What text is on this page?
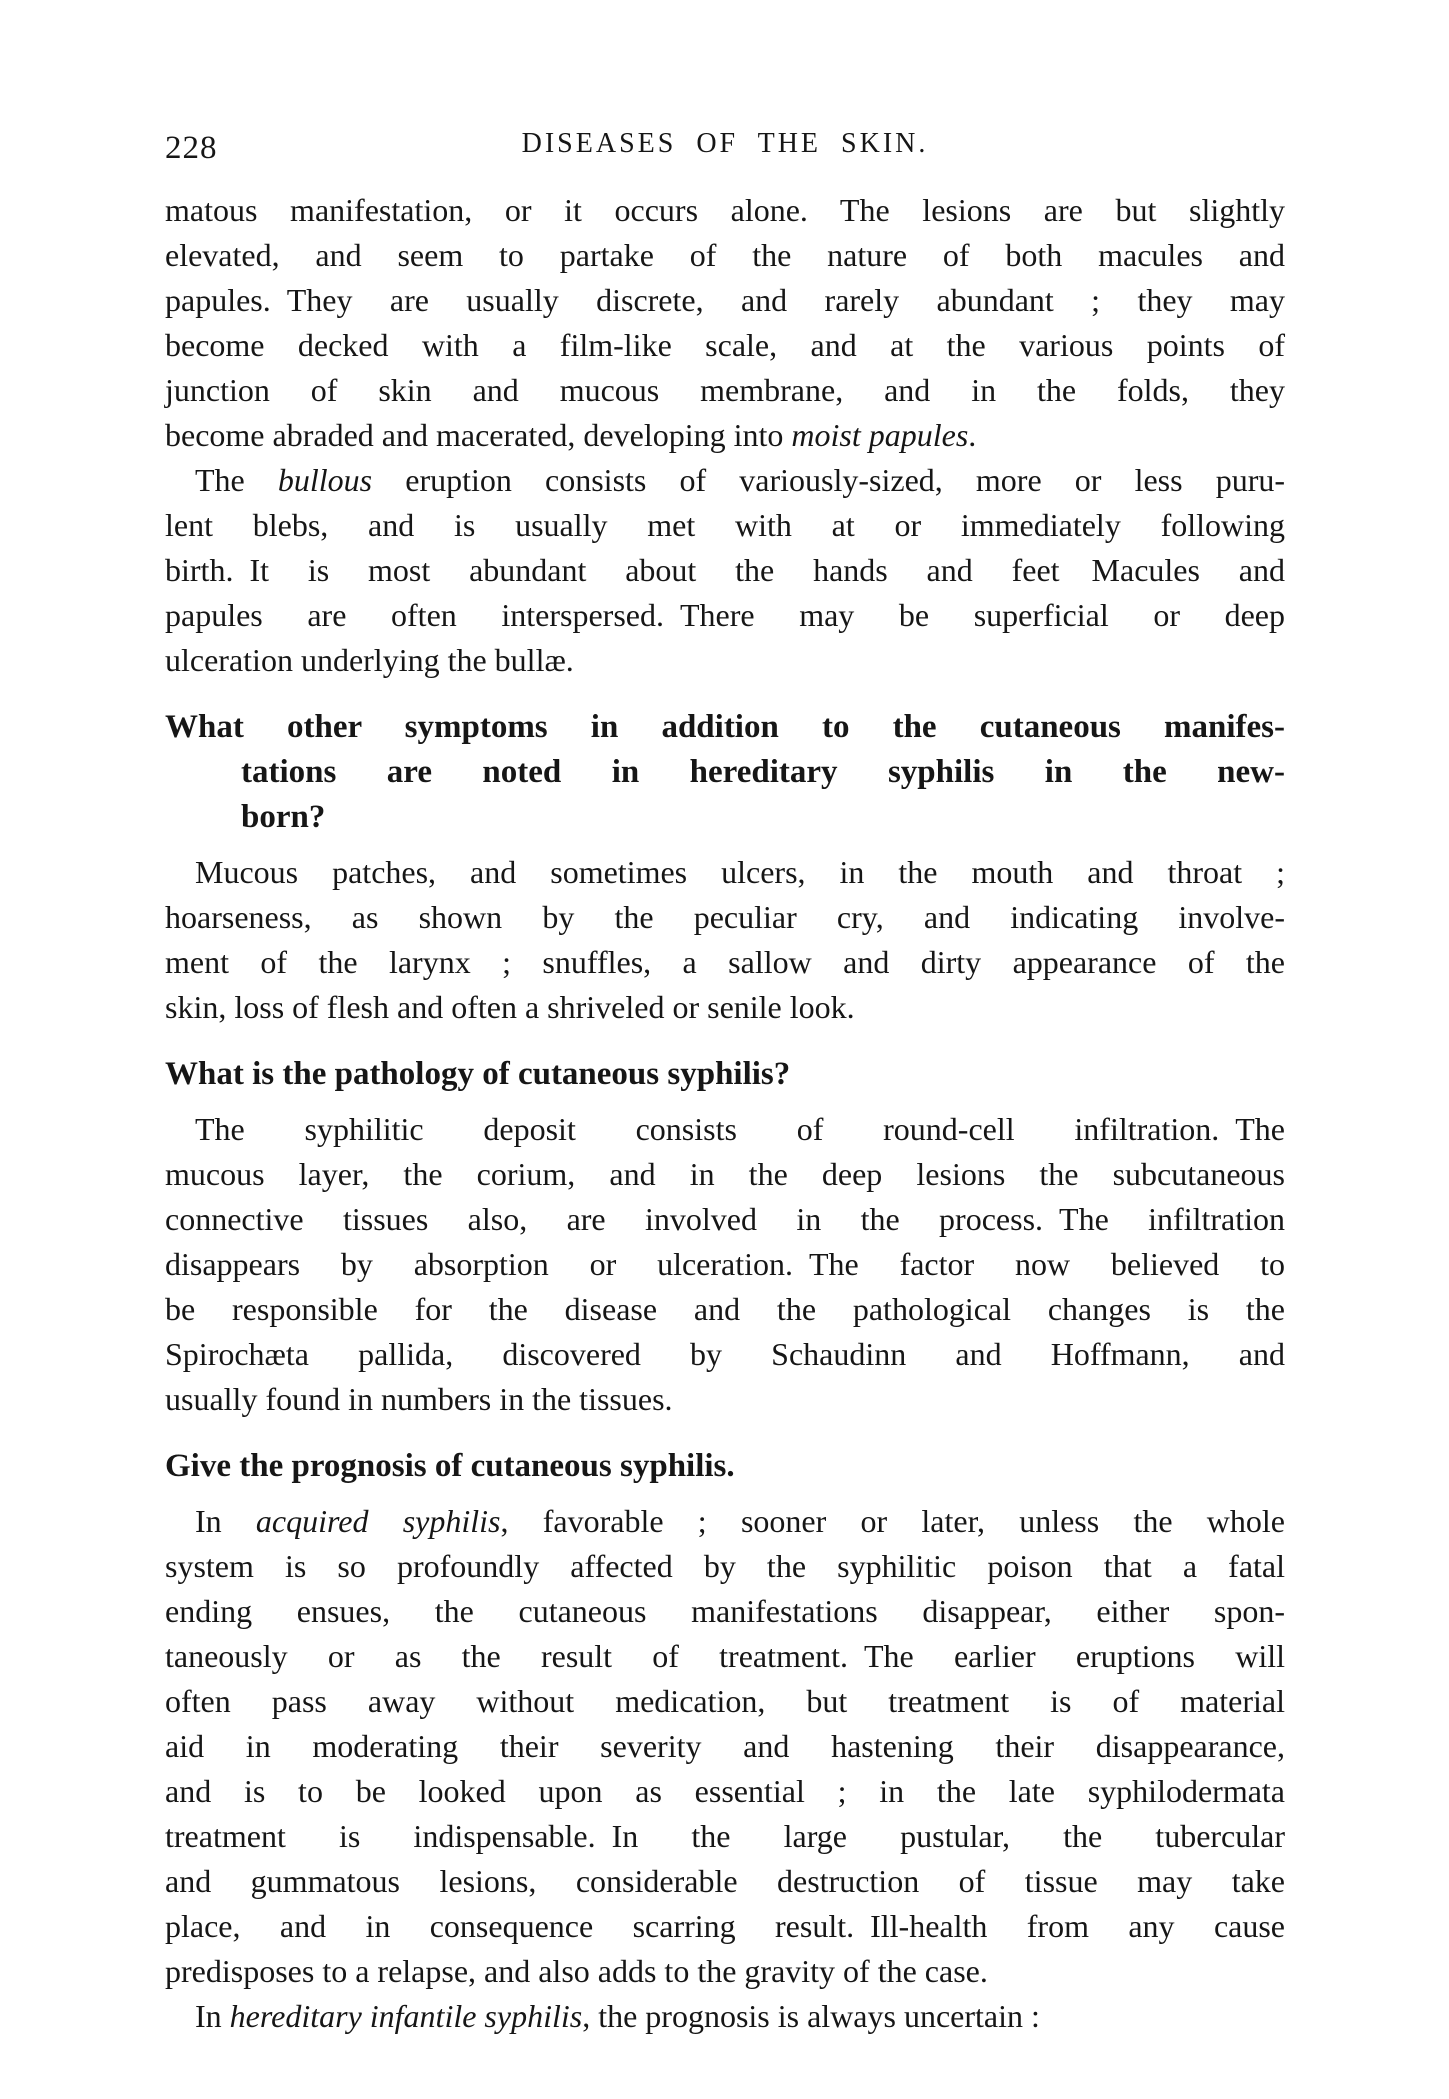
228	DISEASES OF THE SKIN.
matous manifestation, or it occurs alone. The lesions are but slightly
elevated, and seem to partake of the nature of both macules and
papules. They are usually discrete, and rarely abundant ; they may
become decked with a film-like scale, and at the various points of
junction of skin and mucous membrane, and in the folds, they
become abraded and macerated, developing into moist papules.
The bullous eruption consists of variously-sized, more or less puru-
lent blebs, and is usually met with at or immediately following
birth. It is most abundant about the hands and feet Macules and
papules are often interspersed. There may be superficial or deep
ulceration underlying the bullæ.
What other symptoms in addition to the cutaneous manifes-
tations are noted in hereditary syphilis in the new-
born?
Mucous patches, and sometimes ulcers, in the mouth and throat ;
hoarseness, as shown by the peculiar cry, and indicating involve-
ment of the larynx ; snuffles, a sallow and dirty appearance of the
skin, loss of flesh and often a shriveled or senile look.
What is the pathology of cutaneous syphilis?
The syphilitic deposit consists of round-cell infiltration. The
mucous layer, the corium, and in the deep lesions the subcutaneous
connective tissues also, are involved in the process. The infiltration
disappears by absorption or ulceration. The factor now believed to
be responsible for the disease and the pathological changes is the
Spirochæta pallida, discovered by Schaudinn and Hoffmann, and
usually found in numbers in the tissues.
Give the prognosis of cutaneous syphilis.
In acquired syphilis, favorable ; sooner or later, unless the whole
system is so profoundly affected by the syphilitic poison that a fatal
ending ensues, the cutaneous manifestations disappear, either spon-
taneously or as the result of treatment. The earlier eruptions will
often pass away without medication, but treatment is of material
aid in moderating their severity and hastening their disappearance,
and is to be looked upon as essential ; in the late syphilodermata
treatment is indispensable. In the large pustular, the tubercular
and gummatous lesions, considerable destruction of tissue may take
place, and in consequence scarring result. Ill-health from any cause
predisposes to a relapse, and also adds to the gravity of the case.
In hereditary infantile syphilis, the prognosis is always uncertain :
